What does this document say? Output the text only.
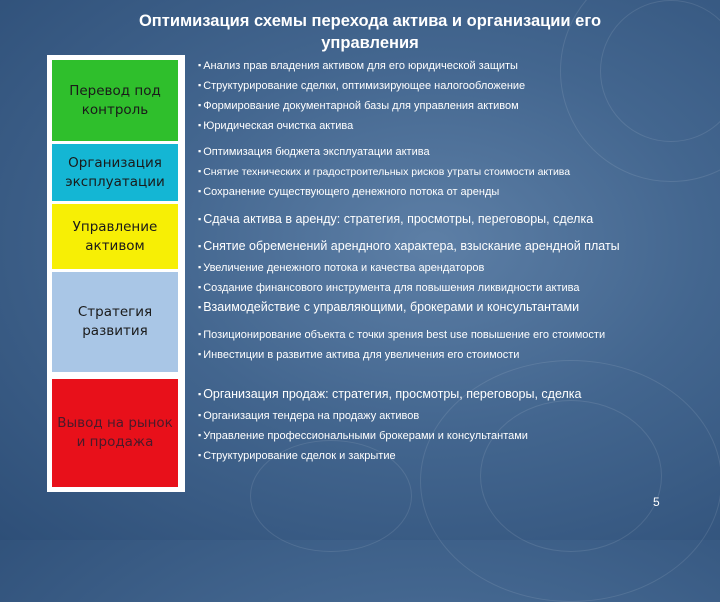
Оптимизация схемы перехода актива и организации его управления
Перевод под контроль
Организация эксплуатации
Управление активом
Стратегия развития
Вывод на рынок и продажа
▪ Анализ прав владения активом для его юридической защиты
▪ Структурирование сделки, оптимизирующее налогообложение
▪ Формирование документарной базы для управления активом
▪ Юридическая очистка актива
▪ Оптимизация бюджета эксплуатации актива
▪ Снятие технических и градостроительных рисков утраты стоимости актива
▪ Сохранение существующего денежного потока от аренды
▪ Сдача актива в аренду: стратегия, просмотры, переговоры, сделка
▪ Снятие обременений арендного характера, взыскание арендной платы
▪ Увеличение денежного потока и качества арендаторов
▪ Создание финансового инструмента для повышения ликвидности актива
▪ Взаимодействие с управляющими, брокерами и консультантами
▪ Позиционирование объекта с точки зрения best use повышение его стоимости
▪ Инвестиции в развитие актива для увеличения его стоимости
▪ Организация продаж: стратегия, просмотры, переговоры, сделка
▪ Организация тендера на продажу активов
▪ Управление профессиональными брокерами и консультантами
▪ Структурирование сделок и закрытие
5
